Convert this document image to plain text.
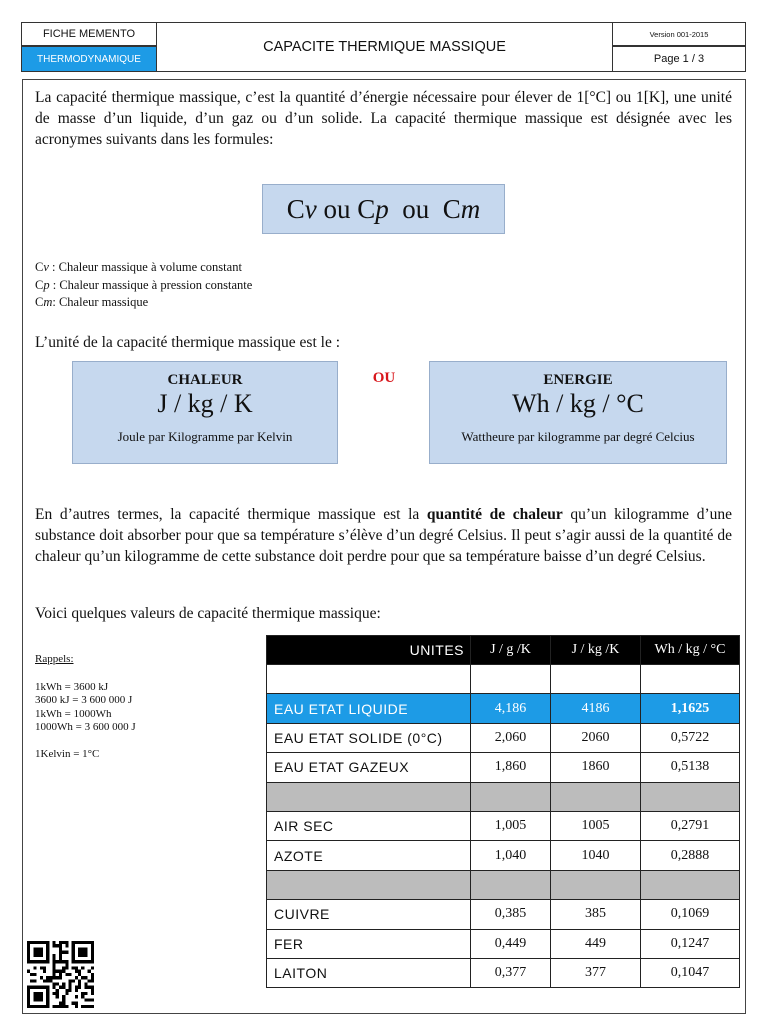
FICHE MEMENTO
THERMODYNAMIQUE
CAPACITE THERMIQUE MASSIQUE
Version 001-2015
Page 1 / 3
La capacité thermique massique, c’est la quantité d’énergie nécessaire pour élever de 1[°C] ou 1[K], une unité de masse d’un liquide, d’un gaz ou d’un solide. La capacité thermique massique est désignée avec les acronymes suivants dans les formules:
C v ou C p ou C m
Cv : Chaleur massique à volume constant
Cp : Chaleur massique à pression constante
Cm: Chaleur massique
L’unité de la capacité thermique massique est le :
CHALEUR
J / kg / K
Joule par Kilogramme par Kelvin
OU	ENERGIE
Wh / kg / °C
Wattheure par kilogramme par degré Celcius
En d’autres termes, la capacité thermique massique est la quantité de chaleur qu’un kilogramme d’une substance doit absorber pour que sa température s’élève d’un degré Celsius. Il peut s’agir aussi de la quantité de chaleur qu’un kilogramme de cette substance doit perdre pour que sa température baisse d’un degré Celsius.
Voici quelques valeurs de capacité thermique massique:
Rappels:
1kWh = 3600 kJ
3600 kJ = 3 600 000 J
1kWh = 1000Wh
1000Wh = 3 600 000 J
1Kelvin = 1°C
UNITES	J / g /K	J / kg /K	Wh / kg / °C

EAU ETAT LIQUIDE	4,186	4186	1,1625
EAU ETAT SOLIDE (0°C)	2,060	2060	0,5722
EAU ETAT GAZEUX	1,860	1860	0,5138

AIR SEC	1,005	1005	0,2791
AZOTE	1,040	1040	0,2888

CUIVRE	0,385	385	0,1069
FER	0,449	449	0,1247
LAITON	0,377	377	0,1047
